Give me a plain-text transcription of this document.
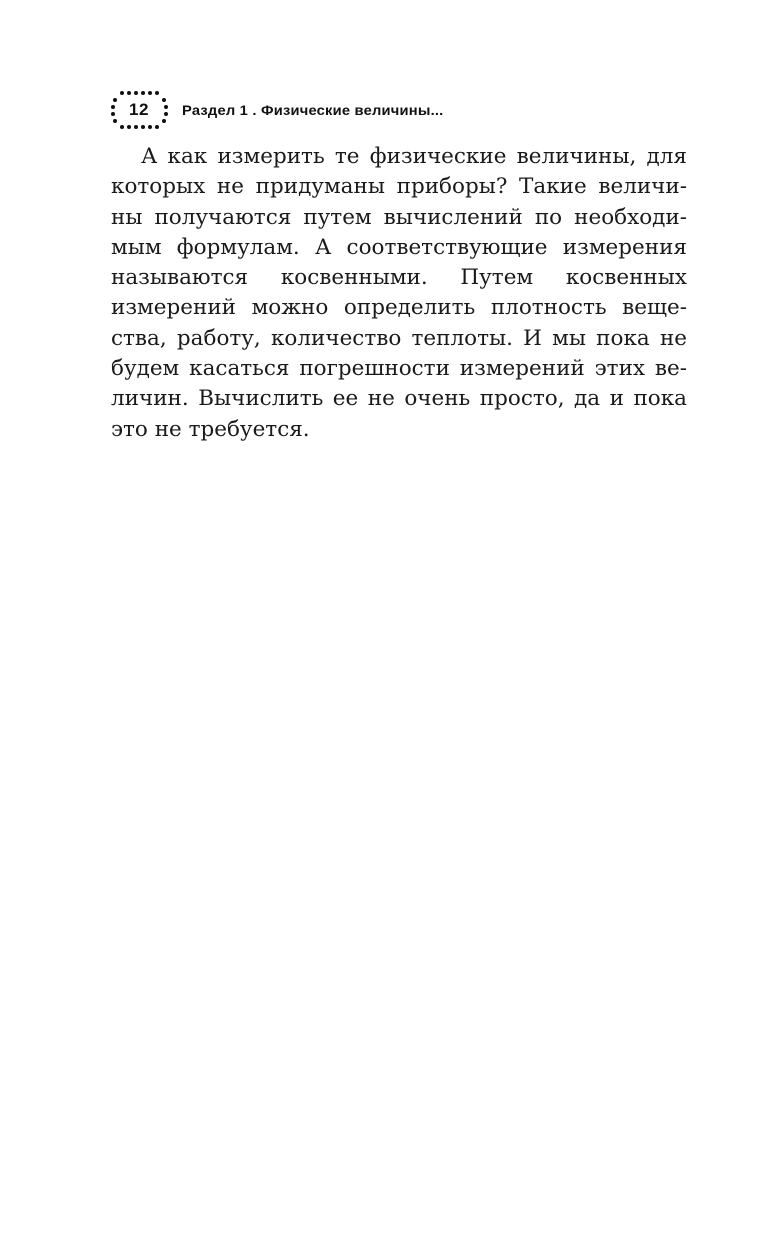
12 Раздел 1 . Физические величины...
А как измерить те физические величины, для
которых не придуманы приборы? Такие величи-
ны получаются путем вычислений по необходи-
мым формулам. А соответствующие измерения
называются косвенными. Путем косвенных
измерений можно определить плотность веще-
ства, работу, количество теплоты. И мы пока не
будем касаться погрешности измерений этих ве-
личин. Вычислить ее не очень просто, да и пока
это не требуется.
